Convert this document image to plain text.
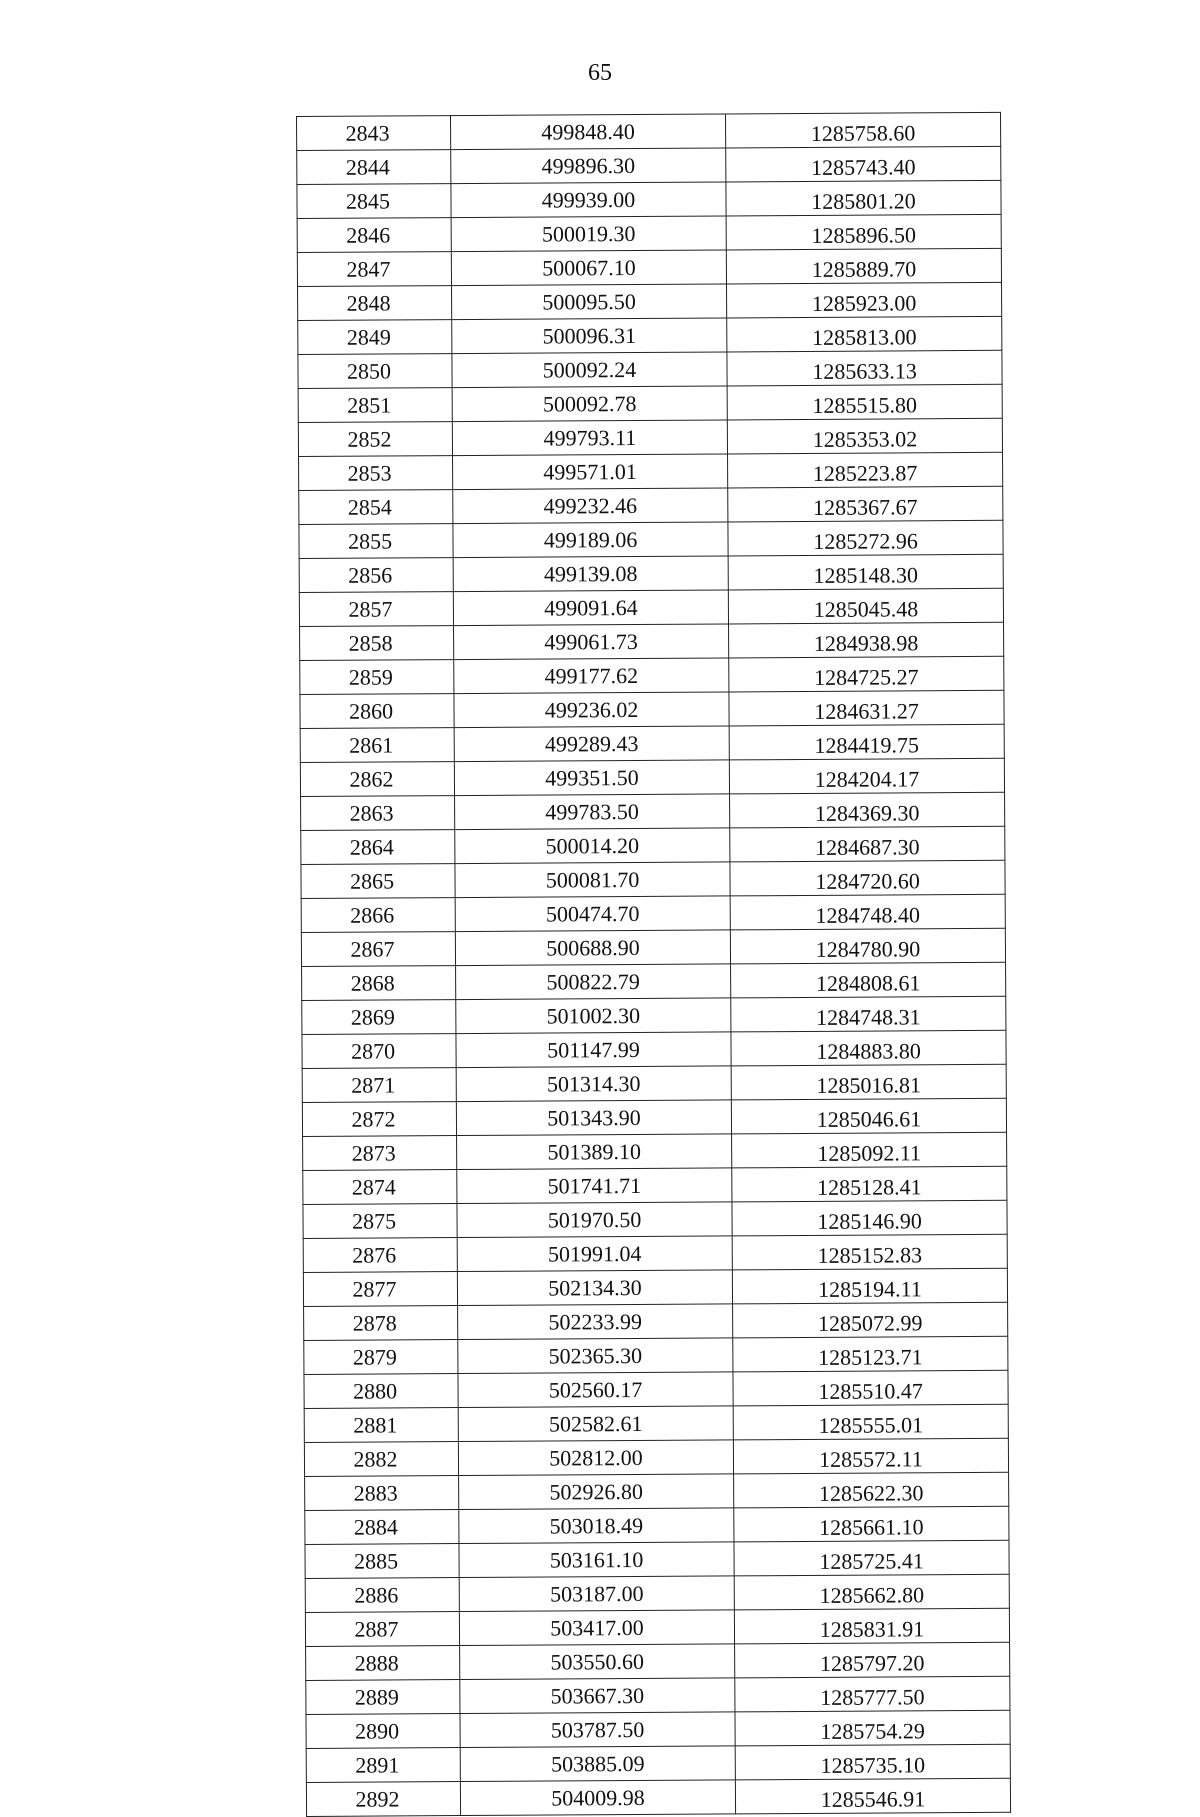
65
2843	499848.40	1285758.60
2844	499896.30	1285743.40
2845	499939.00	1285801.20
2846	500019.30	1285896.50
2847	500067.10	1285889.70
2848	500095.50	1285923.00
2849	500096.31	1285813.00
2850	500092.24	1285633.13
2851	500092.78	1285515.80
2852	499793.11	1285353.02
2853	499571.01	1285223.87
2854	499232.46	1285367.67
2855	499189.06	1285272.96
2856	499139.08	1285148.30
2857	499091.64	1285045.48
2858	499061.73	1284938.98
2859	499177.62	1284725.27
2860	499236.02	1284631.27
2861	499289.43	1284419.75
2862	499351.50	1284204.17
2863	499783.50	1284369.30
2864	500014.20	1284687.30
2865	500081.70	1284720.60
2866	500474.70	1284748.40
2867	500688.90	1284780.90
2868	500822.79	1284808.61
2869	501002.30	1284748.31
2870	501147.99	1284883.80
2871	501314.30	1285016.81
2872	501343.90	1285046.61
2873	501389.10	1285092.11
2874	501741.71	1285128.41
2875	501970.50	1285146.90
2876	501991.04	1285152.83
2877	502134.30	1285194.11
2878	502233.99	1285072.99
2879	502365.30	1285123.71
2880	502560.17	1285510.47
2881	502582.61	1285555.01
2882	502812.00	1285572.11
2883	502926.80	1285622.30
2884	503018.49	1285661.10
2885	503161.10	1285725.41
2886	503187.00	1285662.80
2887	503417.00	1285831.91
2888	503550.60	1285797.20
2889	503667.30	1285777.50
2890	503787.50	1285754.29
2891	503885.09	1285735.10
2892	504009.98	1285546.91
